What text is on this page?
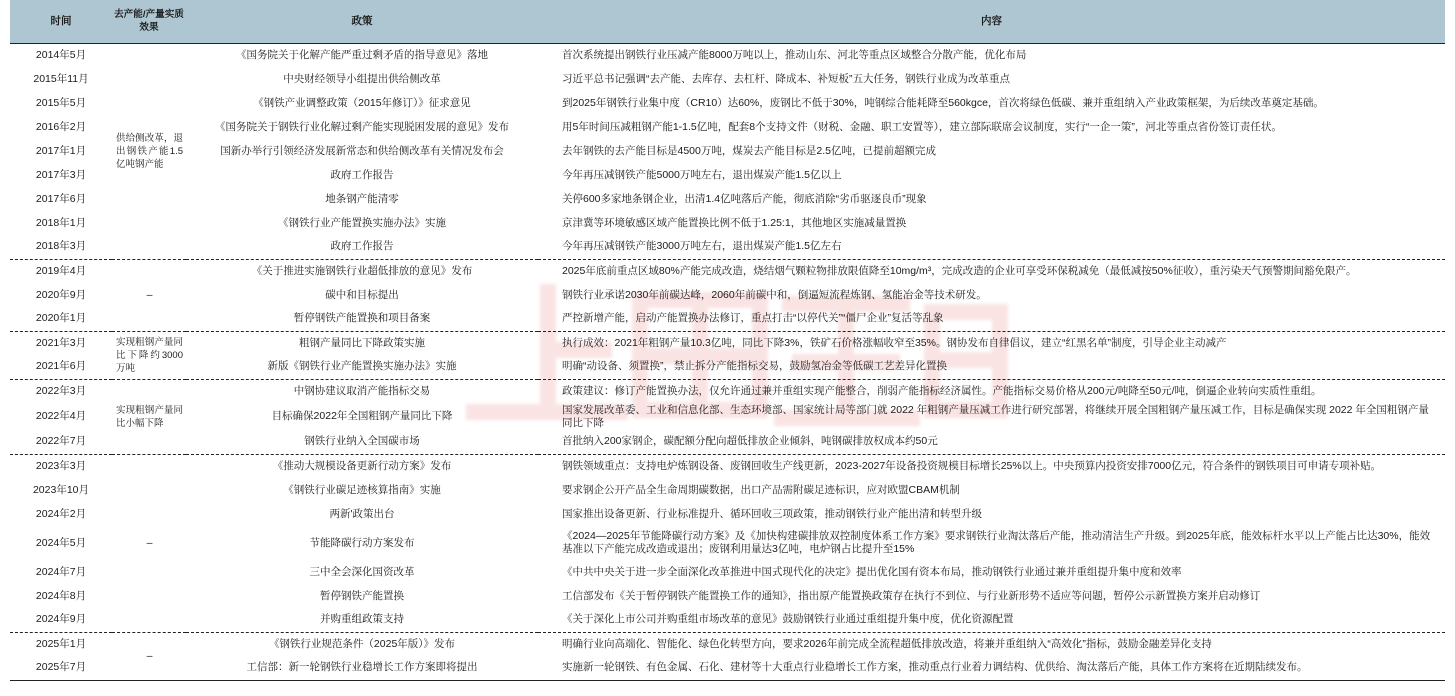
时间	去产能/产量实质效果	政策	内容
2014年5月	供给侧改革，退出钢铁产能1.5亿吨钢产能	《国务院关于化解产能严重过剩矛盾的指导意见》落地	首次系统提出钢铁行业压减产能8000万吨以上，推动山东、河北等重点区域整合分散产能，优化布局
2015年11月		中央财经领导小组提出供给侧改革	习近平总书记强调“去产能、去库存、去杠杆、降成本、补短板”五大任务，钢铁行业成为改革重点
2015年5月		《钢铁产业调整政策（2015年修订）》征求意见	到2025年钢铁行业集中度（CR10）达60%，废钢比不低于30%，吨钢综合能耗降至560kgce，首次将绿色低碳、兼并重组纳入产业政策框架，为后续改革奠定基础。
2016年2月		《国务院关于钢铁行业化解过剩产能实现脱困发展的意见》发布	用5年时间压减粗钢产能1-1.5亿吨，配套8个支持文件（财税、金融、职工安置等），建立部际联席会议制度，实行“一企一策”，河北等重点省份签订责任状。
2017年1月		国新办举行引领经济发展新常态和供给侧改革有关情况发布会	去年钢铁的去产能目标是4500万吨，煤炭去产能目标是2.5亿吨，已提前超额完成
2017年3月		政府工作报告	今年再压减钢铁产能5000万吨左右，退出煤炭产能1.5亿以上
2017年6月		地条钢产能清零	关停600多家地条钢企业，出清1.4亿吨落后产能，彻底消除“劣币驱逐良币”现象
2018年1月		《钢铁行业产能置换实施办法》实施	京津冀等环境敏感区域产能置换比例不低于1.25:1，其他地区实施减量置换
2018年3月		政府工作报告	今年再压减钢铁产能3000万吨左右，退出煤炭产能1.5亿左右
2019年4月	–	《关于推进实施钢铁行业超低排放的意见》发布	2025年底前重点区域80%产能完成改造，烧结烟气颗粒物排放限值降至10mg/m³，完成改造的企业可享受环保税减免（最低减按50%征收），重污染天气预警期间豁免限产。
2020年9月		碳中和目标提出	钢铁行业承诺2030年前碳达峰，2060年前碳中和，倒逼短流程炼钢、氢能冶金等技术研发。
2020年1月		暂停钢铁产能置换和项目备案	严控新增产能，启动产能置换办法修订，重点打击“以停代关”“僵尸企业”复活等乱象
2021年3月	实现粗钢产量同比下降约3000万吨	粗钢产量同比下降政策实施	执行成效：2021年粗钢产量10.3亿吨，同比下降3%，铁矿石价格涨幅收窄至35%。钢协发布自律倡议，建立“红黑名单”制度，引导企业主动减产
2021年6月		新版《钢铁行业产能置换实施办法》实施	明确“动设备、须置换”，禁止拆分产能指标交易，鼓励氢冶金等低碳工艺差异化置换
2022年3月	实现粗钢产量同比小幅下降	中钢协建议取消产能指标交易	政策建议：修订产能置换办法，仅允许通过兼并重组实现产能整合，削弱产能指标经济属性。产能指标交易价格从200元/吨降至50元/吨，倒逼企业转向实质性重组。
2022年4月		目标确保2022年全国粗钢产量同比下降	国家发展改革委、工业和信息化部、生态环境部、国家统计局等部门就 2022 年粗钢产量压减工作进行研究部署，将继续开展全国粗钢产量压减工作，目标是确保实现 2022 年全国粗钢产量同比下降
2022年7月		钢铁行业纳入全国碳市场	首批纳入200家钢企，碳配额分配向超低排放企业倾斜，吨钢碳排放权成本约50元
2023年3月	–	《推动大规模设备更新行动方案》发布	钢铁领域重点：支持电炉炼钢设备、废钢回收生产线更新，2023-2027年设备投资规模目标增长25%以上。中央预算内投资安排7000亿元，符合条件的钢铁项目可申请专项补贴。
2023年10月		《钢铁行业碳足迹核算指南》实施	要求钢企公开产品全生命周期碳数据，出口产品需附碳足迹标识，应对欧盟CBAM机制
2024年2月		两新'政策出台	国家推出设备更新、行业标准提升、循环回收三项政策，推动钢铁行业产能出清和转型升级
2024年5月		节能降碳行动方案发布	《2024—2025年节能降碳行动方案》及《加快构建碳排放双控制度体系工作方案》要求钢铁行业淘汰落后产能，推动清洁生产升级。到2025年底，能效标杆水平以上产能占比达30%，能效基准以下产能完成改造或退出；废钢利用量达3亿吨，电炉钢占比提升至15%
2024年7月		三中全会深化国资改革	《中共中央关于进一步全面深化改革推进中国式现代化的决定》提出优化国有资本布局，推动钢铁行业通过兼并重组提升集中度和效率
2024年8月		暂停钢铁产能置换	工信部发布《关于暂停钢铁产能置换工作的通知》，指出原产能置换政策存在执行不到位、与行业新形势不适应等问题，暂停公示新置换方案并启动修订
2024年9月		并购重组政策支持	《关于深化上市公司并购重组市场改革的意见》鼓励钢铁行业通过重组提升集中度，优化资源配置
2025年1月	–	《钢铁行业规范条件（2025年版）》发布	明确行业向高端化、智能化、绿色化转型方向，要求2026年前完成全流程超低排放改造，将兼并重组纳入“高效化”指标，鼓励金融差异化支持
2025年7月		工信部：新一轮钢铁行业稳增长工作方案即将提出	实施新一轮钢铁、有色金属、石化、建材等十大重点行业稳增长工作方案，推动重点行业着力调结构、优供给、淘汰落后产能，具体工作方案将在近期陆续发布。
